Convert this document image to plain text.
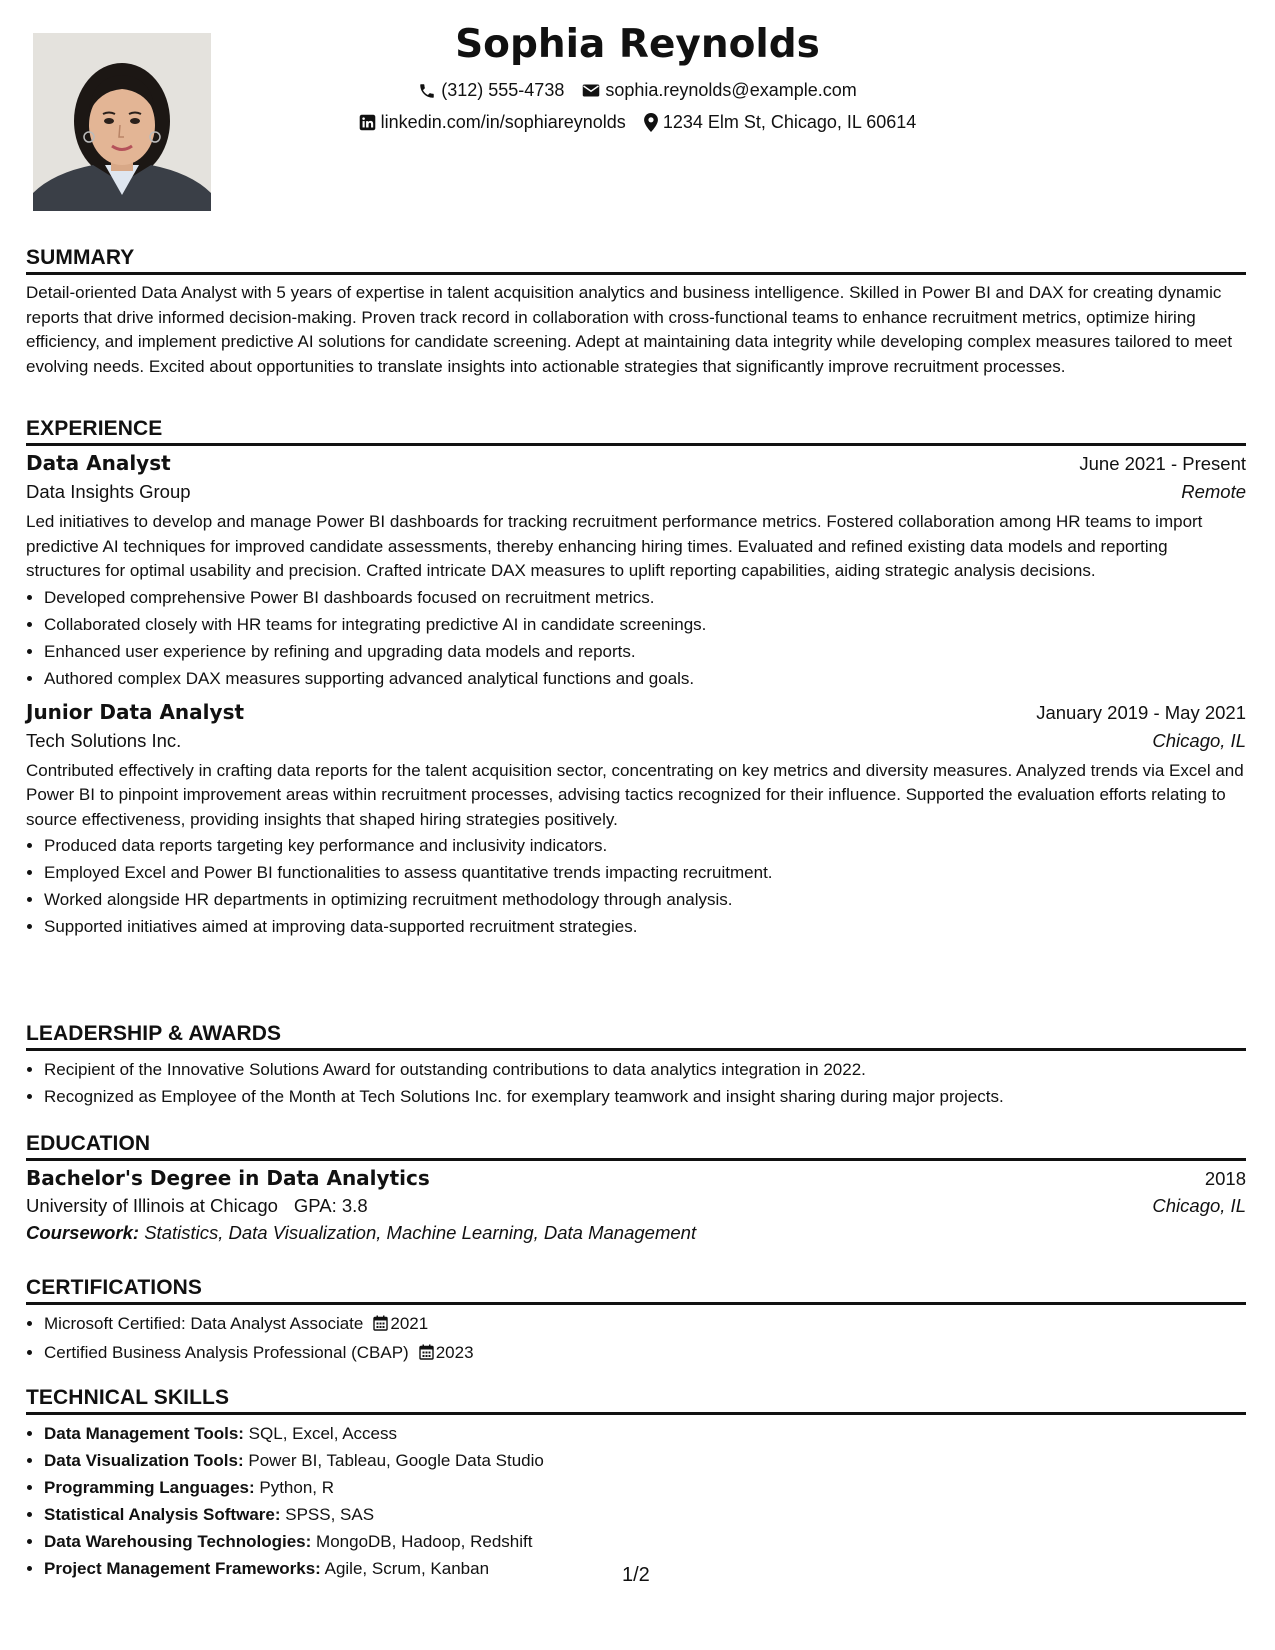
Sophia Reynolds
(312) 555-4738 sophia.reynolds@example.com
linkedin.com/in/sophiareynolds 1234 Elm St, Chicago, IL 60614
SUMMARY

Detail-oriented Data Analyst with 5 years of expertise in talent acquisition analytics and business intelligence. Skilled in Power BI and DAX for creating dynamic reports that drive informed decision-making. Proven track record in collaboration with cross-functional teams to enhance recruitment metrics, optimize hiring efficiency, and implement predictive AI solutions for candidate screening. Adept at maintaining data integrity while developing complex measures tailored to meet evolving needs. Excited about opportunities to translate insights into actionable strategies that significantly improve recruitment processes.

EXPERIENCE
Data Analyst	June 2021 - Present
Data Insights Group	Remote

Led initiatives to develop and manage Power BI dashboards for tracking recruitment performance metrics. Fostered collaboration among HR teams to import predictive AI techniques for improved candidate assessments, thereby enhancing hiring times. Evaluated and refined existing data models and reporting structures for optimal usability and precision. Crafted intricate DAX measures to uplift reporting capabilities, aiding strategic analysis decisions.

• Developed comprehensive Power BI dashboards focused on recruitment metrics.
• Collaborated closely with HR teams for integrating predictive AI in candidate screenings.
• Enhanced user experience by refining and upgrading data models and reports.
• Authored complex DAX measures supporting advanced analytical functions and goals.
Junior Data Analyst	January 2019 - May 2021
Tech Solutions Inc.	Chicago, IL

Contributed effectively in crafting data reports for the talent acquisition sector, concentrating on key metrics and diversity measures. Analyzed trends via Excel and Power BI to pinpoint improvement areas within recruitment processes, advising tactics recognized for their influence. Supported the evaluation efforts relating to source effectiveness, providing insights that shaped hiring strategies positively.

• Produced data reports targeting key performance and inclusivity indicators.
• Employed Excel and Power BI functionalities to assess quantitative trends impacting recruitment.
• Worked alongside HR departments in optimizing recruitment methodology through analysis.
• Supported initiatives aimed at improving data-supported recruitment strategies.
LEADERSHIP & AWARDS
• Recipient of the Innovative Solutions Award for outstanding contributions to data analytics integration in 2022.
• Recognized as Employee of the Month at Tech Solutions Inc. for exemplary teamwork and insight sharing during major projects.
EDUCATION
Bachelor's Degree in Data Analytics	2018
University of Illinois at Chicago GPA: 3.8	Chicago, IL
Coursework: Statistics, Data Visualization, Machine Learning, Data Management
CERTIFICATIONS
• Microsoft Certified: Data Analyst Associate 2021
• Certified Business Analysis Professional (CBAP) 2023
TECHNICAL SKILLS
• Data Management Tools: SQL, Excel, Access
• Data Visualization Tools: Power BI, Tableau, Google Data Studio
• Programming Languages: Python, R
• Statistical Analysis Software: SPSS, SAS
• Data Warehousing Technologies: MongoDB, Hadoop, Redshift
• Project Management Frameworks: Agile, Scrum, Kanban	1/2
